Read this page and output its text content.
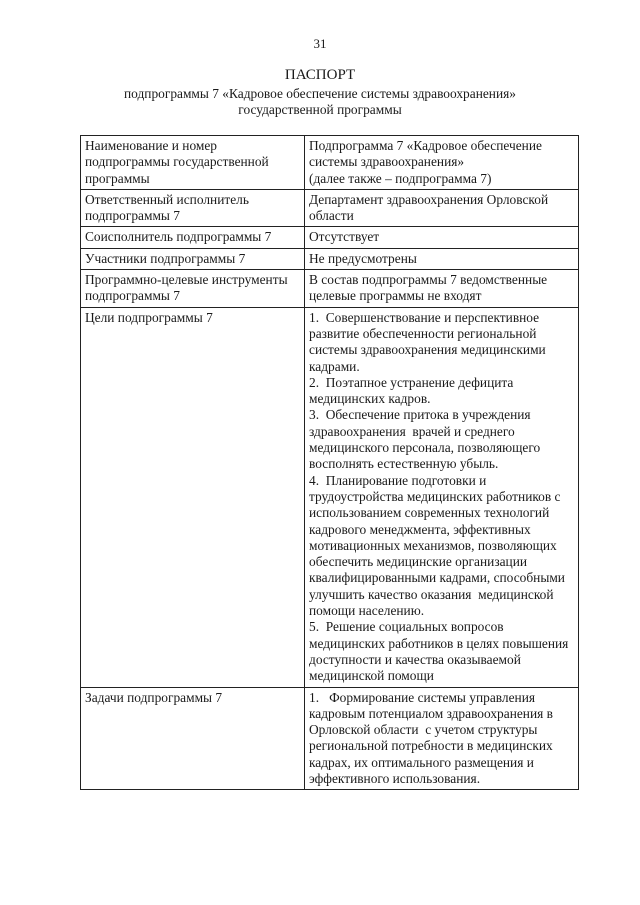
31
ПАСПОРТ
подпрограммы 7 «Кадровое обеспечение системы здравоохранения»
государственной программы
Наименование и номер подпрограммы государственной программы	Подпрограмма 7 «Кадровое обеспечение системы здравоохранения»
(далее также – подпрограмма 7)
Ответственный исполнитель подпрограммы 7	Департамент здравоохранения Орловской области
Соисполнитель подпрограммы 7	Отсутствует
Участники подпрограммы 7	Не предусмотрены
Программно-целевые инструменты подпрограммы 7	В состав подпрограммы 7 ведомственные целевые программы не входят
Цели подпрограммы 7	1.  Совершенствование и перспективное развитие обеспеченности региональной системы здравоохранения медицинскими кадрами.
2.  Поэтапное устранение дефицита медицинских кадров.
3.  Обеспечение притока в учреждения здравоохранения  врачей и среднего медицинского персонала, позволяющего восполнять естественную убыль.
4.  Планирование подготовки и трудоустройства медицинских работников с использованием современных технологий кадрового менеджмента, эффективных мотивационных механизмов, позволяющих обеспечить медицинские организации квалифицированными кадрами, способными улучшить качество оказания  медицинской помощи населению.
5.  Решение социальных вопросов медицинских работников в целях повышения доступности и качества оказываемой медицинской помощи
Задачи подпрограммы 7	1.   Формирование системы управления кадровым потенциалом здравоохранения в Орловской области  с учетом структуры региональной потребности в медицинских кадрах, их оптимального размещения и эффективного использования.
